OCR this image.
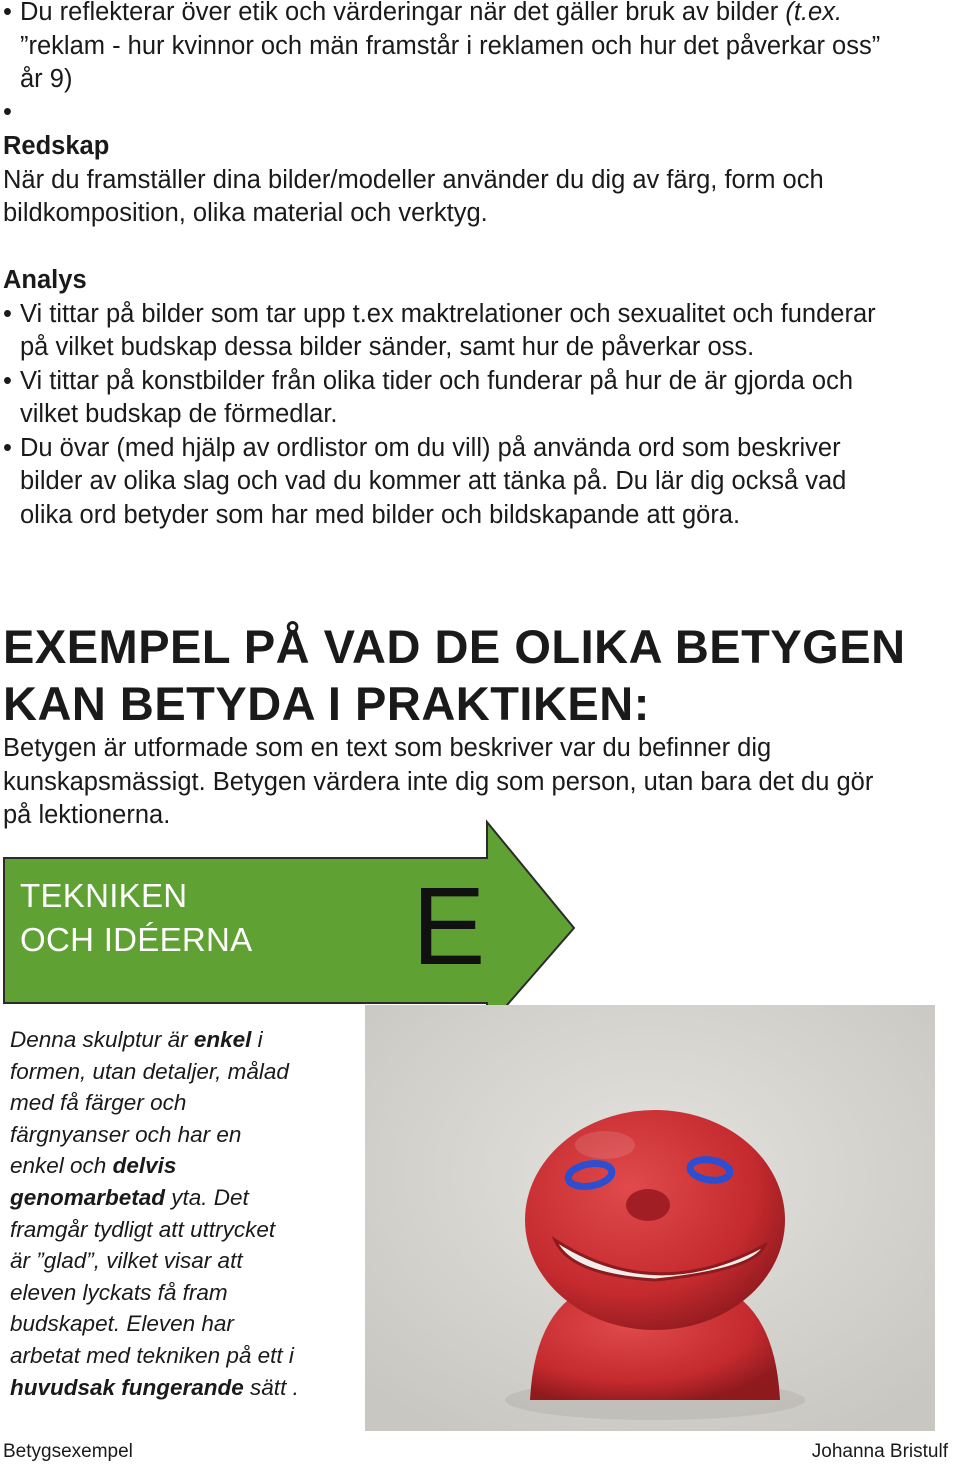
• Du reflekterar över etik och värderingar när det gäller bruk av bilder (t.ex.
”reklam - hur kvinnor och män framstår i reklamen och hur det påverkar oss”
år 9)
•
Redskap
När du framställer dina bilder/modeller använder du dig av färg, form och
bildkomposition, olika material och verktyg.
Analys
• Vi tittar på bilder som tar upp t.ex maktrelationer och sexualitet och funderar
på vilket budskap dessa bilder sänder, samt hur de påverkar oss.
• Vi tittar på konstbilder från olika tider och funderar på hur de är gjorda och
vilket budskap de förmedlar.
• Du övar (med hjälp av ordlistor om du vill) på använda ord som beskriver
bilder av olika slag och vad du kommer att tänka på. Du lär dig också vad
olika ord betyder som har med bilder och bildskapande att göra.
EXEMPEL PÅ VAD DE OLIKA BETYGEN
KAN BETYDA I PRAKTIKEN:
Betygen är utformade som en text som beskriver var du befinner dig
kunskapsmässigt. Betygen värdera inte dig som person, utan bara det du gör
på lektionerna.
TEKNIKEN
OCH IDÉERNA E
Denna skulptur är enkel i
formen, utan detaljer, målad
med få färger och
färgnyanser och har en
enkel och delvis
genomarbetad yta. Det
framgår tydligt att uttrycket
är ”glad”, vilket visar att
eleven lyckats få fram
budskapet. Eleven har
arbetat med tekniken på ett i
huvudsak fungerande sätt .
Betygsexempel	Johanna Bristulf
